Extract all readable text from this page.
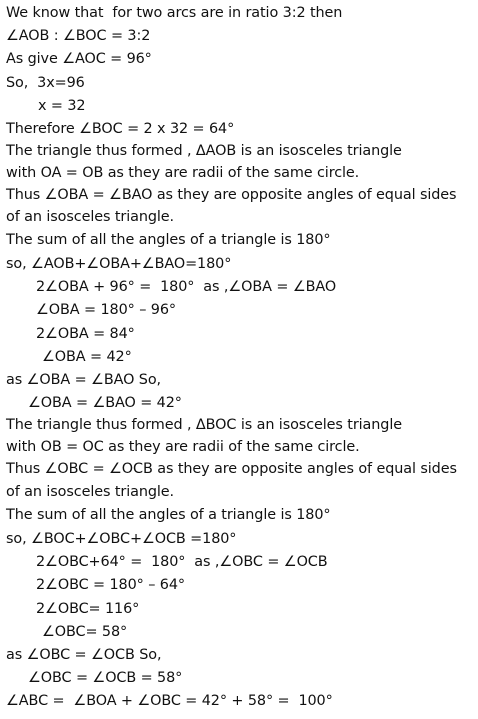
We know that  for two arcs are in ratio 3:2 then
∠AOB : ∠BOC = 3:2
As give ∠AOC = 96°
So,  3x=96
x = 32
Therefore ∠BOC = 2 x 32 = 64°
The triangle thus formed , ΔAOB is an isosceles triangle
with OA = OB as they are radii of the same circle.
Thus ∠OBA = ∠BAO as they are opposite angles of equal sides
of an isosceles triangle.
The sum of all the angles of a triangle is 180°
so, ∠AOB+∠OBA+∠BAO=180°
2∠OBA + 96° =  180°  as ,∠OBA = ∠BAO
∠OBA = 180° – 96°
2∠OBA = 84°
∠OBA = 42°
as ∠OBA = ∠BAO So,
∠OBA = ∠BAO = 42°
The triangle thus formed , ΔBOC is an isosceles triangle
with OB = OC as they are radii of the same circle.
Thus ∠OBC = ∠OCB as they are opposite angles of equal sides
of an isosceles triangle.
The sum of all the angles of a triangle is 180°
so, ∠BOC+∠OBC+∠OCB =180°
2∠OBC+64° =  180°  as ,∠OBC = ∠OCB
2∠OBC = 180° – 64°
2∠OBC= 116°
∠OBC= 58°
as ∠OBC = ∠OCB So,
∠OBC = ∠OCB = 58°
∠ABC =  ∠BOA + ∠OBC = 42° + 58° =  100°
